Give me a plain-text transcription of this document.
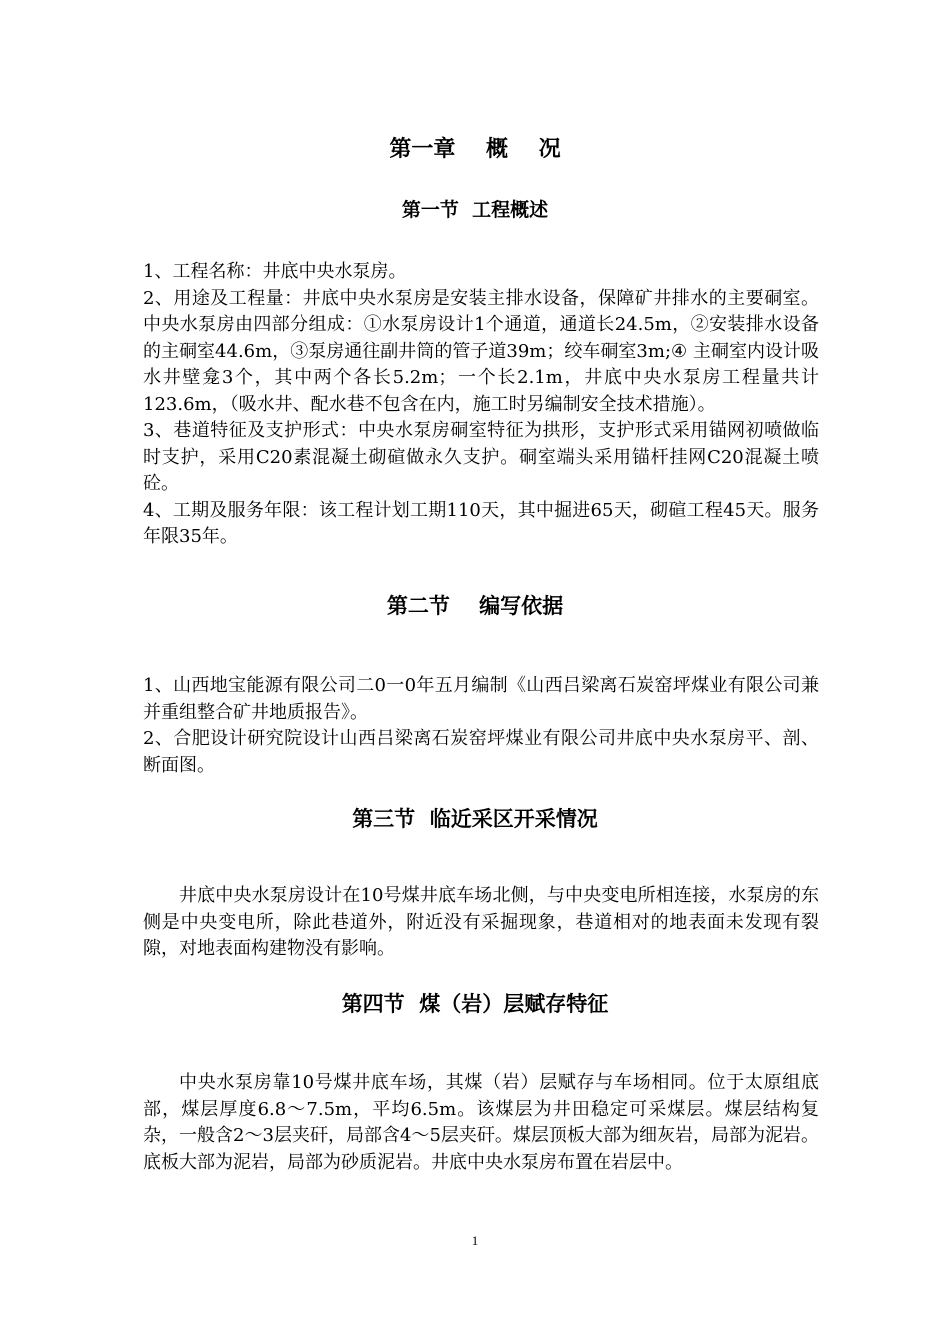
第一章    概    况
第一节  工程概述

1、工程名称：井底中央水泵房。

2、用途及工程量：井底中央水泵房是安装主排水设备，保障矿井排水的主要硐室。中央水泵房由四部分组成：①水泵房设计1个通道，通道长24.5m，②安装排水设备的主硐室44.6m，③泵房通往副井筒的管子道39m；绞车硐室3m;④ 主硐室内设计吸水井壁龛3个，其中两个各长5.2m；一个长2.1m，井底中央水泵房工程量共计123.6m，（吸水井、配水巷不包含在内，施工时另编制安全技术措施）。

3、巷道特征及支护形式：中央水泵房硐室特征为拱形，支护形式采用锚网初喷做临时支护，采用C20素混凝土砌碹做永久支护。硐室端头采用锚杆挂网C20混凝土喷砼。

4、工期及服务年限：该工程计划工期110天，其中掘进65天，砌碹工程45天。服务年限35年。

第二节    编写依据

1、山西地宝能源有限公司二0一0年五月编制《山西吕梁离石炭窑坪煤业有限公司兼并重组整合矿井地质报告》。

2、合肥设计研究院设计山西吕梁离石炭窑坪煤业有限公司井底中央水泵房平、剖、断面图。

第三节  临近采区开采情况

井底中央水泵房设计在10号煤井底车场北侧，与中央变电所相连接，水泵房的东侧是中央变电所，除此巷道外，附近没有采掘现象，巷道相对的地表面未发现有裂隙，对地表面构建物没有影响。

第四节  煤（岩）层赋存特征

中央水泵房靠10号煤井底车场，其煤（岩）层赋存与车场相同。位于太原组底部，煤层厚度6.8～7.5m，平均6.5m。该煤层为井田稳定可采煤层。煤层结构复杂，一般含2～3层夹矸，局部含4～5层夹矸。煤层顶板大部为细灰岩，局部为泥岩。底板大部为泥岩，局部为砂质泥岩。井底中央水泵房布置在岩层中。

1
